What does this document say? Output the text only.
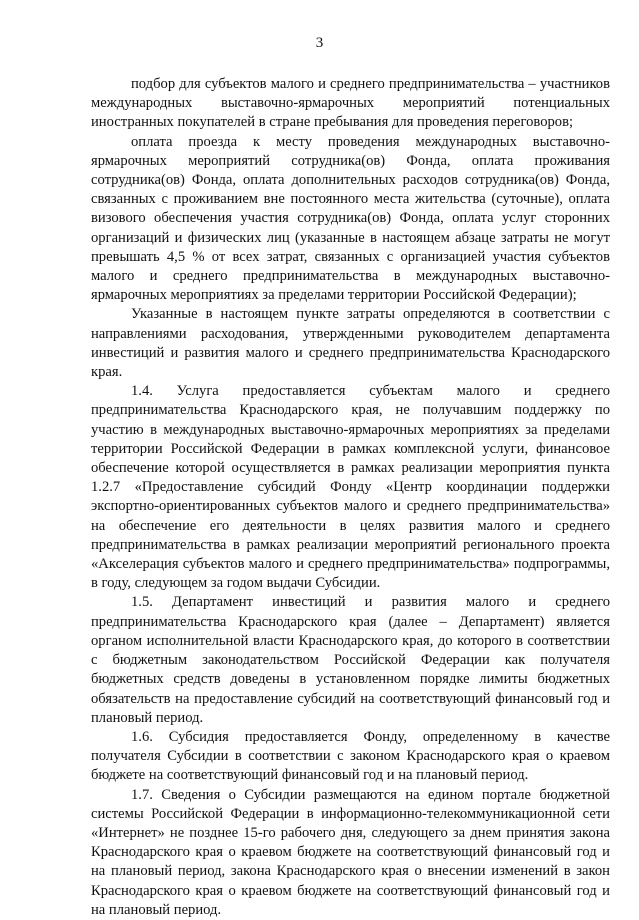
3

подбор для субъектов малого и среднего предпринимательства – участников международных выставочно-ярмарочных мероприятий потенциальных иностранных покупателей в стране пребывания для проведения переговоров;

оплата проезда к месту проведения международных выставочно-ярмарочных мероприятий сотрудника(ов) Фонда, оплата проживания сотрудника(ов) Фонда, оплата дополнительных расходов сотрудника(ов) Фонда, связанных с проживанием вне постоянного места жительства (суточные), оплата визового обеспечения участия сотрудника(ов) Фонда, оплата услуг сторонних организаций и физических лиц (указанные в настоящем абзаце затраты не могут превышать 4,5 % от всех затрат, связанных с организацией участия субъектов малого и среднего предпринимательства в международных выставочно-ярмарочных мероприятиях за пределами территории Российской Федерации);

Указанные в настоящем пункте затраты определяются в соответствии с направлениями расходования, утвержденными руководителем департамента инвестиций и развития малого и среднего предпринимательства Краснодарского края.

1.4. Услуга предоставляется субъектам малого и среднего предпринимательства Краснодарского края, не получавшим поддержку по участию в международных выставочно-ярмарочных мероприятиях за пределами территории Российской Федерации в рамках комплексной услуги, финансовое обеспечение которой осуществляется в рамках реализации мероприятия пункта 1.2.7 «Предоставление субсидий Фонду «Центр координации поддержки экспортно-ориентированных субъектов малого и среднего предпринимательства» на обеспечение его деятельности в целях развития малого и среднего предпринимательства в рамках реализации мероприятий регионального проекта «Акселерация субъектов малого и среднего предпринимательства» подпрограммы, в году, следующем за годом выдачи Субсидии.

1.5. Департамент инвестиций и развития малого и среднего предпринимательства Краснодарского края (далее – Департамент) является органом исполнительной власти Краснодарского края, до которого в соответствии с бюджетным законодательством Российской Федерации как получателя бюджетных средств доведены в установленном порядке лимиты бюджетных обязательств на предоставление субсидий на соответствующий финансовый год и плановый период.

1.6. Субсидия предоставляется Фонду, определенному в качестве получателя Субсидии в соответствии с законом Краснодарского края о краевом бюджете на соответствующий финансовый год и на плановый период.

1.7. Сведения о Субсидии размещаются на едином портале бюджетной системы Российской Федерации в информационно-телекоммуникационной сети «Интернет» не позднее 15-го рабочего дня, следующего за днем принятия закона Краснодарского края о краевом бюджете на соответствующий финансовый год и на плановый период, закона Краснодарского края о внесении изменений в закон Краснодарского края о краевом бюджете на соответствующий финансовый год и на плановый период.
